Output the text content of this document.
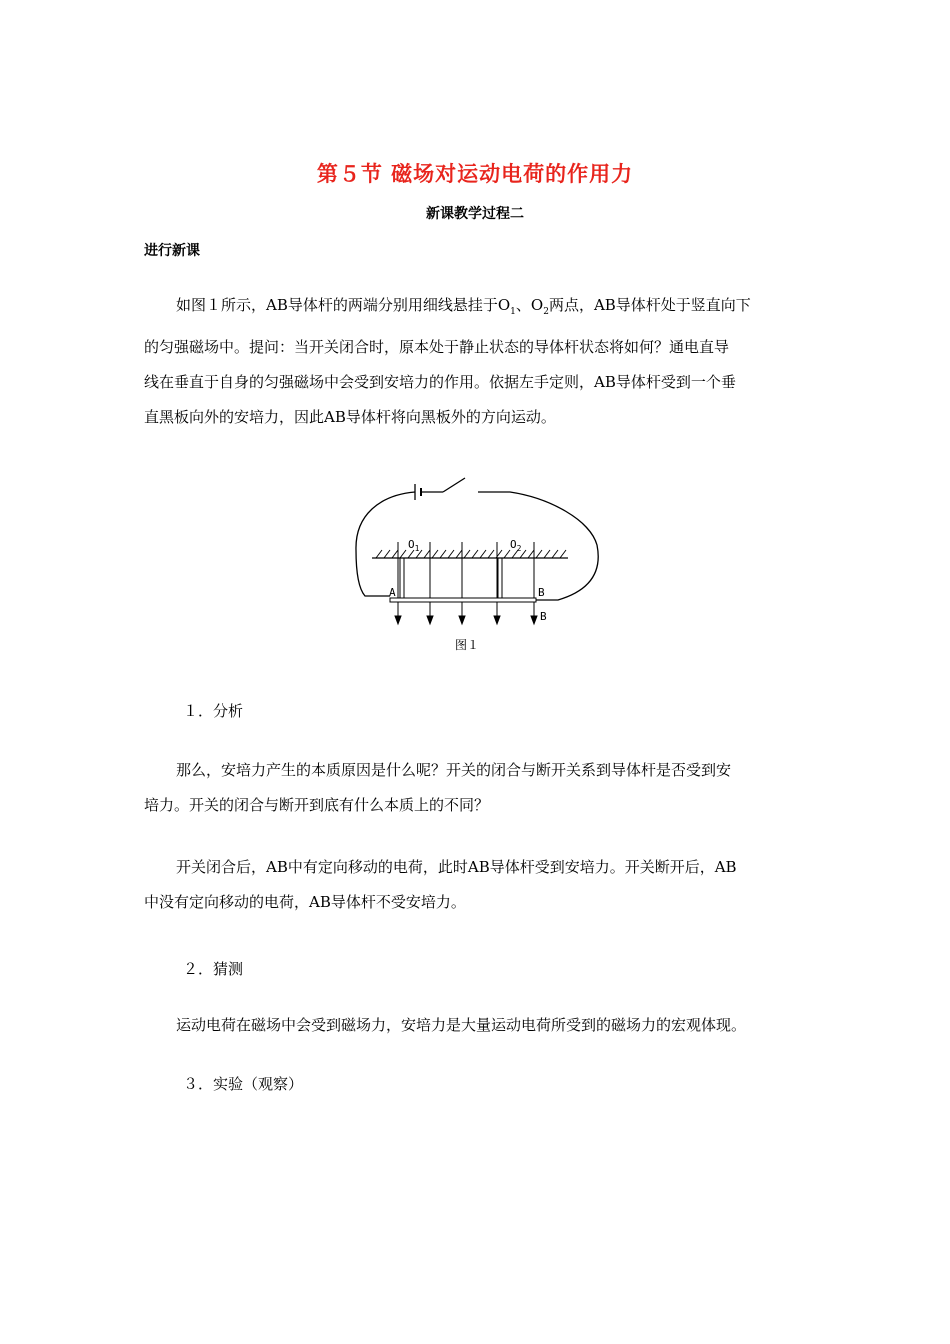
第５节 磁场对运动电荷的作用力
新课教学过程二
进行新课

如图１所示，AB导体杆的两端分别用细线悬挂于$O_1$、$O_2$两点，AB导体杆处于竖直向下
的匀强磁场中。提问：当开关闭合时，原本处于静止状态的导体杆状态将如何？通电直导
线在垂直于自身的匀强磁场中会受到安培力的作用。依据左手定则，AB导体杆受到一个垂
直黑板向外的安培力，因此AB导体杆将向黑板外的方向运动。

$O_1$	$O_2$
A	B
B
图１
１．分析

那么，安培力产生的本质原因是什么呢？开关的闭合与断开关系到导体杆是否受到安
培力。开关的闭合与断开到底有什么本质上的不同？

开关闭合后，AB中有定向移动的电荷，此时AB导体杆受到安培力。开关断开后，AB
中没有定向移动的电荷，AB导体杆不受安培力。

２．猜测

运动电荷在磁场中会受到磁场力，安培力是大量运动电荷所受到的磁场力的宏观体现。

３．实验（观察）
